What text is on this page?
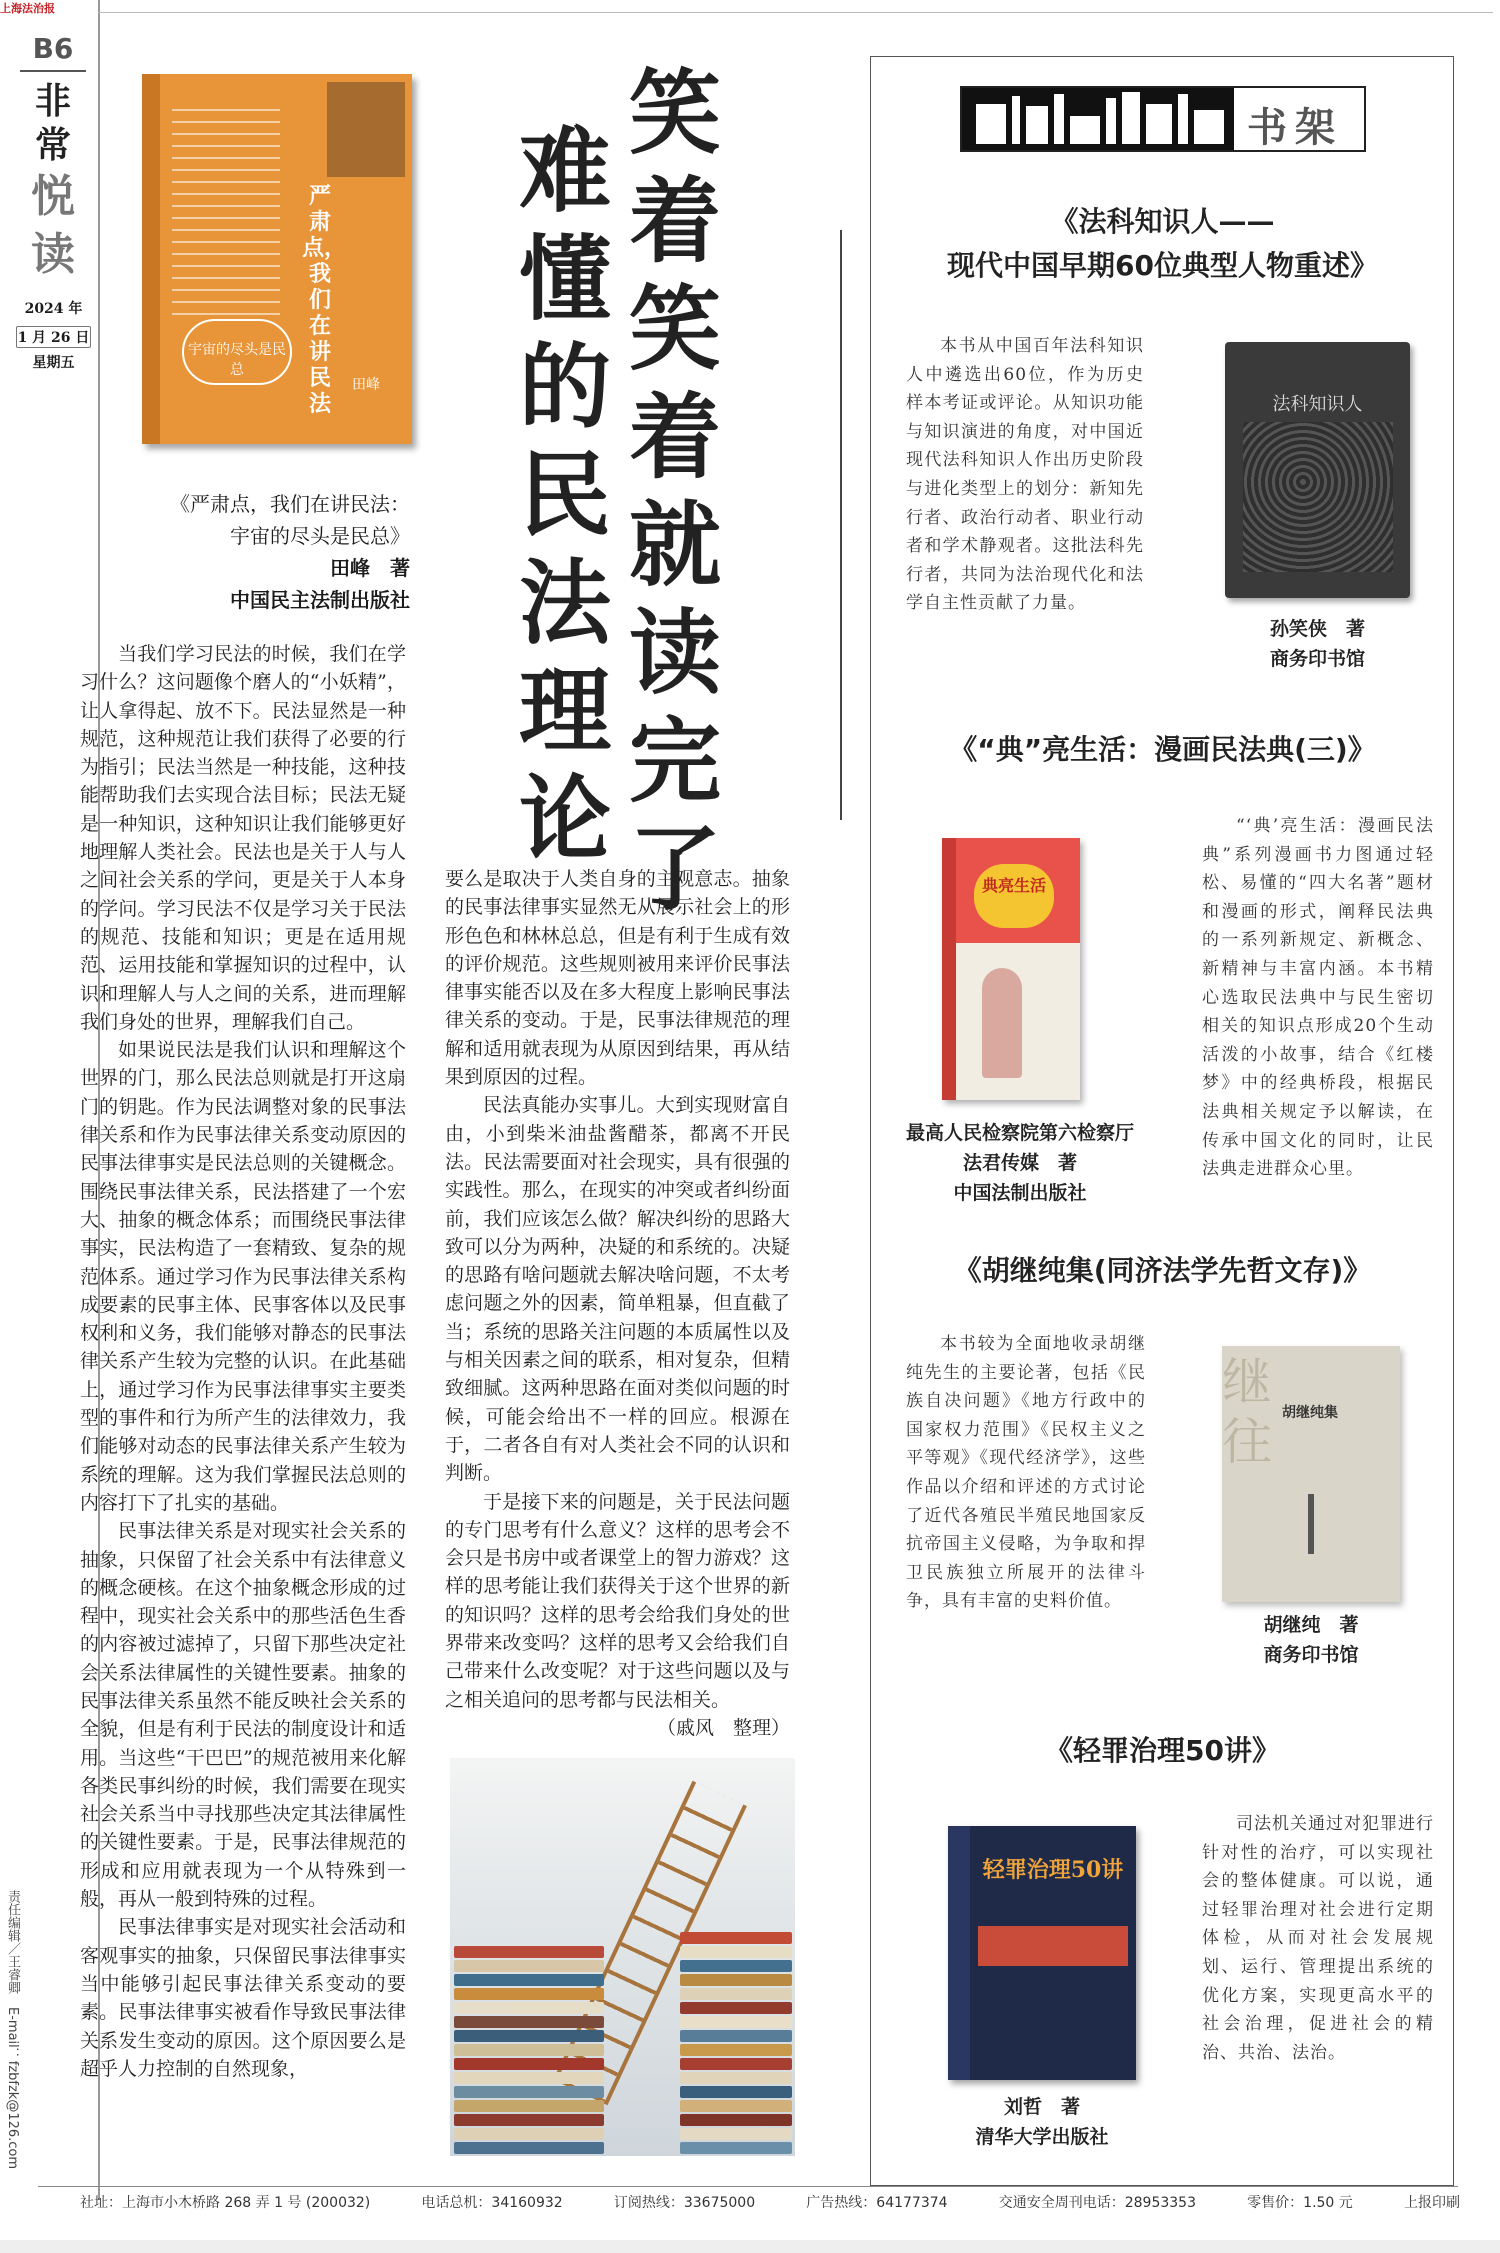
上海法治报
B6
非常
悦读
2024 年
1 月 26 日
星期五
严肃点，我们在讲民法
宇宙的尽头是民总
田峰
《严肃点，我们在讲民法：
宇宙的尽头是民总》
田峰　著
中国民主法制出版社
笑着笑着就读完了
难懂的民法理论

当我们学习民法的时候，我们在学习什么？这问题像个磨人的“小妖精”，让人拿得起、放不下。民法显然是一种规范，这种规范让我们获得了必要的行为指引；民法当然是一种技能，这种技能帮助我们去实现合法目标；民法无疑是一种知识，这种知识让我们能够更好地理解人类社会。民法也是关于人与人之间社会关系的学问，更是关于人本身的学问。学习民法不仅是学习关于民法的规范、技能和知识；更是在适用规范、运用技能和掌握知识的过程中，认识和理解人与人之间的关系，进而理解我们身处的世界，理解我们自己。

如果说民法是我们认识和理解这个世界的门，那么民法总则就是打开这扇门的钥匙。作为民法调整对象的民事法律关系和作为民事法律关系变动原因的民事法律事实是民法总则的关键概念。围绕民事法律关系，民法搭建了一个宏大、抽象的概念体系；而围绕民事法律事实，民法构造了一套精致、复杂的规范体系。通过学习作为民事法律关系构成要素的民事主体、民事客体以及民事权利和义务，我们能够对静态的民事法律关系产生较为完整的认识。在此基础上，通过学习作为民事法律事实主要类型的事件和行为所产生的法律效力，我们能够对动态的民事法律关系产生较为系统的理解。这为我们掌握民法总则的内容打下了扎实的基础。

民事法律关系是对现实社会关系的抽象，只保留了社会关系中有法律意义的概念硬核。在这个抽象概念形成的过程中，现实社会关系中的那些活色生香的内容被过滤掉了，只留下那些决定社会关系法律属性的关键性要素。抽象的民事法律关系虽然不能反映社会关系的全貌，但是有利于民法的制度设计和适用。当这些“干巴巴”的规范被用来化解各类民事纠纷的时候，我们需要在现实社会关系当中寻找那些决定其法律属性的关键性要素。于是，民事法律规范的形成和应用就表现为一个从特殊到一般，再从一般到特殊的过程。

民事法律事实是对现实社会活动和客观事实的抽象，只保留民事法律事实当中能够引起民事法律关系变动的要素。民事法律事实被看作导致民事法律关系发生变动的原因。这个原因要么是超乎人力控制的自然现象，

要么是取决于人类自身的主观意志。抽象的民事法律事实显然无从展示社会上的形形色色和林林总总，但是有利于生成有效的评价规范。这些规则被用来评价民事法律事实能否以及在多大程度上影响民事法律关系的变动。于是，民事法律规范的理解和适用就表现为从原因到结果，再从结果到原因的过程。

民法真能办实事儿。大到实现财富自由，小到柴米油盐酱醋茶，都离不开民法。民法需要面对社会现实，具有很强的实践性。那么，在现实的冲突或者纠纷面前，我们应该怎么做？解决纠纷的思路大致可以分为两种，决疑的和系统的。决疑的思路有啥问题就去解决啥问题，不太考虑问题之外的因素，简单粗暴，但直截了当；系统的思路关注问题的本质属性以及与相关因素之间的联系，相对复杂，但精致细腻。这两种思路在面对类似问题的时候，可能会给出不一样的回应。根源在于，二者各自有对人类社会不同的认识和判断。

于是接下来的问题是，关于民法问题的专门思考有什么意义？这样的思考会不会只是书房中或者课堂上的智力游戏？这样的思考能让我们获得关于这个世界的新的知识吗？这样的思考会给我们身处的世界带来改变吗？这样的思考又会给我们自己带来什么改变呢？对于这些问题以及与之相关追问的思考都与民法相关。

（戚风　整理）

书架
《法科知识人——
现代中国早期60位典型人物重述》

本书从中国百年法科知识人中遴选出60位，作为历史样本考证或评论。从知识功能与知识演进的角度，对中国近现代法科知识人作出历史阶段与进化类型上的划分：新知先行者、政治行动者、职业行动者和学术静观者。这批法科先行者，共同为法治现代化和法学自主性贡献了力量。

法科知识人
孙笑侠　著
商务印书馆
《“典”亮生活：漫画民法典(三)》
典亮生活
最高人民检察院第六检察厅
法君传媒　著
中国法制出版社

“‘典’亮生活：漫画民法典”系列漫画书力图通过轻松、易懂的“四大名著”题材和漫画的形式，阐释民法典的一系列新规定、新概念、新精神与丰富内涵。本书精心选取民法典中与民生密切相关的知识点形成20个生动活泼的小故事，结合《红楼梦》中的经典桥段，根据民法典相关规定予以解读，在传承中国文化的同时，让民法典走进群众心里。

《胡继纯集(同济法学先哲文存)》

本书较为全面地收录胡继纯先生的主要论著，包括《民族自决问题》《地方行政中的国家权力范围》《民权主义之平等观》《现代经济学》，这些作品以介绍和评述的方式讨论了近代各殖民半殖民地国家反抗帝国主义侵略，为争取和捍卫民族独立所展开的法律斗争，具有丰富的史料价值。

继
往 胡继纯集
胡继纯　著
商务印书馆
《轻罪治理50讲》
轻罪治理50讲
刘哲　著
清华大学出版社

司法机关通过对犯罪进行针对性的治疗，可以实现社会的整体健康。可以说，通过轻罪治理对社会进行定期体检，从而对社会发展规划、运行、管理提出系统的优化方案，实现更高水平的社会治理，促进社会的精治、共治、法治。

责任编辑／王睿卿　E-mail：fzbfzk@126.com
社址：上海市小木桥路 268 弄 1 号 (200032)	电话总机：34160932	订阅热线：33675000	广告热线：64177374	交通安全周刊电话：28953353	零售价：1.50 元	上报印刷
